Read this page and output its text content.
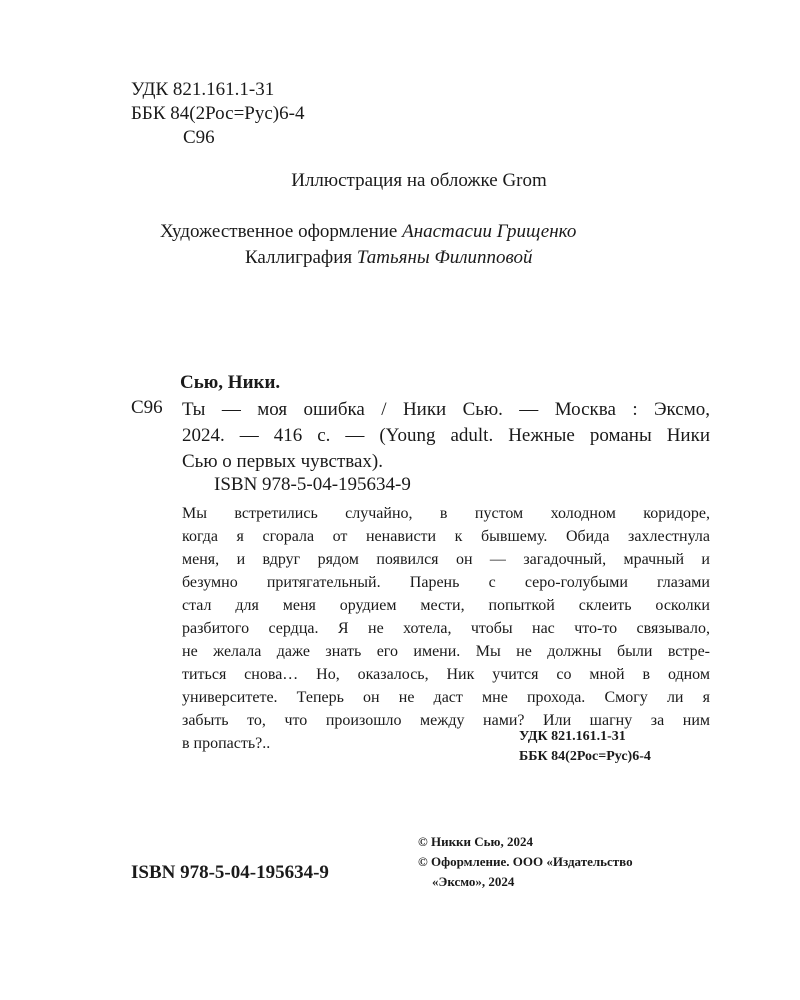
УДК 821.161.1-31
ББК 84(2Рос=Рус)6-4
С96
Иллюстрация на обложке Grom
Художественное оформление Анастасии Грищенко
Каллиграфия Татьяны Филипповой
Сью, Ники.
С96 Ты — моя ошибка / Ники Сью. — Москва : Эксмо,

2024. — 416 с. — (Young adult. Нежные романы Ники

Сью о первых чувствах).

ISBN 978-5-04-195634-9

Мы встретились случайно, в пустом холодном коридоре,

когда я сгорала от ненависти к бывшему. Обида захлестнула

меня, и вдруг рядом появился он — загадочный, мрачный и

безумно притягательный. Парень с серо-голубыми глазами

стал для меня орудием мести, попыткой склеить осколки

разбитого сердца. Я не хотела, чтобы нас что-то связывало,

не желала даже знать его имени. Мы не должны были встре-

титься снова… Но, оказалось, Ник учится со мной в одном

университете. Теперь он не даст мне прохода. Смогу ли я

забыть то, что произошло между нами? Или шагну за ним

в пропасть?..	УДК 821.161.1-31
ББК 84(2Рос=Рус)6-4
© Никки Сью, 2024
© Оформление. ООО «Издательство
«Эксмо», 2024
ISBN 978-5-04-195634-9
